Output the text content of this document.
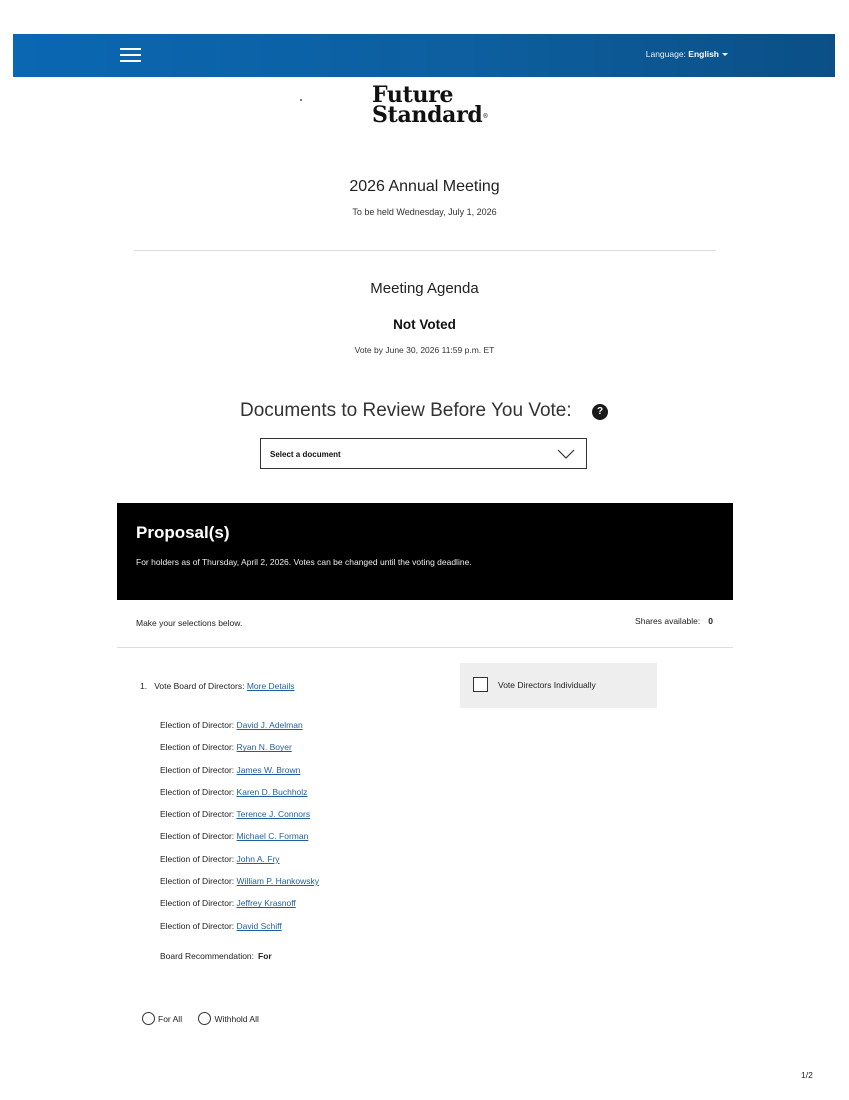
Language: English
Future
Standard®
2026 Annual Meeting
To be held Wednesday, July 1, 2026
Meeting Agenda
Not Voted
Vote by June 30, 2026 11:59 p.m. ET
Documents to Review Before You Vote:	?
Select a document
Proposal(s)
For holders as of Thursday, April 2, 2026. Votes can be changed until the voting deadline.
Make your selections below.	Shares available: 0
1. Vote Board of Directors: More Details	Vote Directors Individually
Election of Director: David J. Adelman
Election of Director: Ryan N. Boyer
Election of Director: James W. Brown
Election of Director: Karen D. Buchholz
Election of Director: Terence J. Connors
Election of Director: Michael C. Forman
Election of Director: John A. Fry
Election of Director: William P. Hankowsky
Election of Director: Jeffrey Krasnoff
Election of Director: David Schiff
Board Recommendation: For
For All
	Withhold All
1/2
